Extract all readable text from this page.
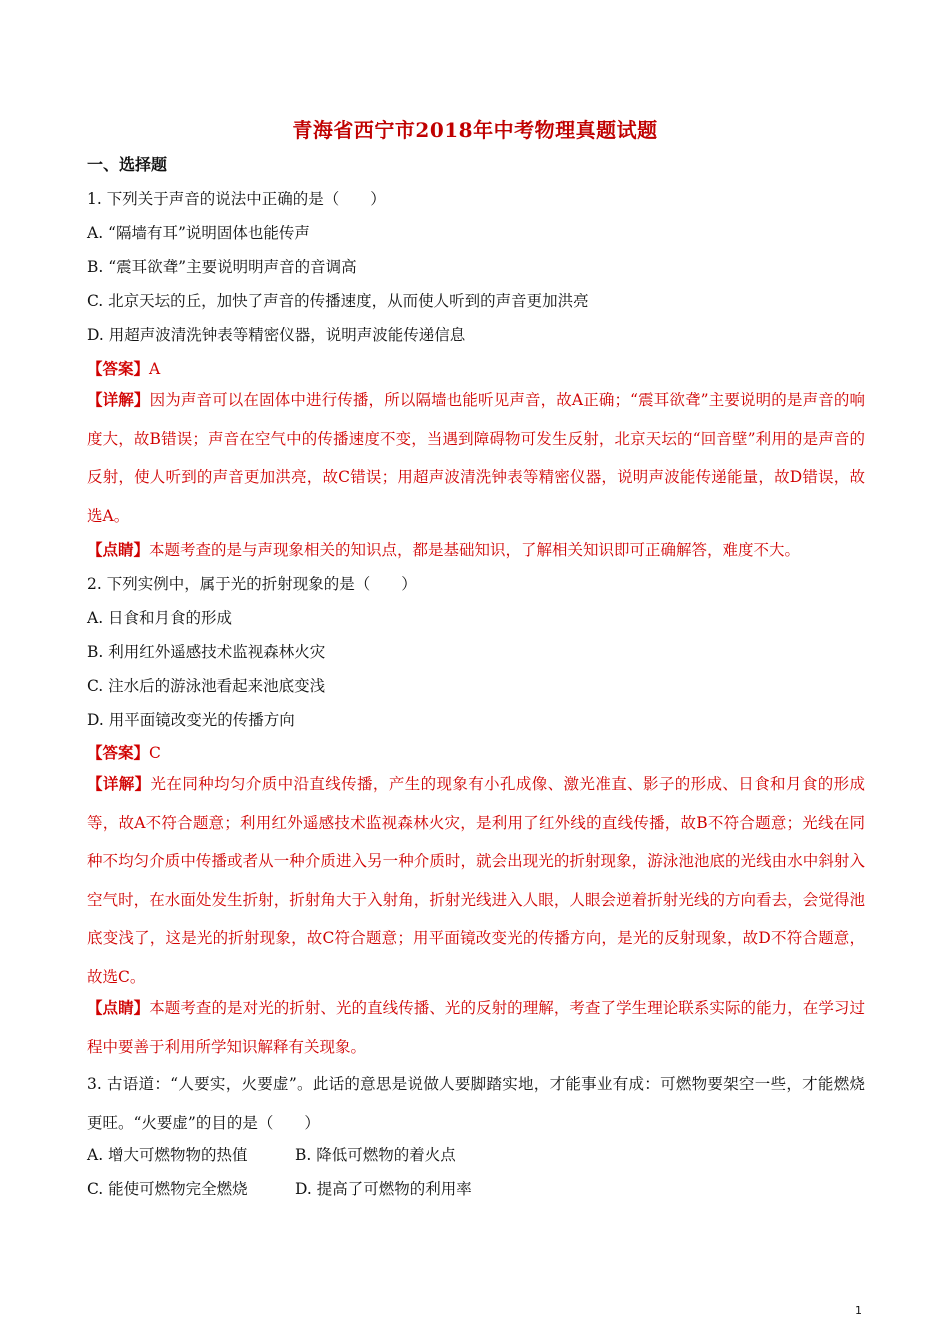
青海省西宁市2018年中考物理真题试题
一、选择题
1. 下列关于声音的说法中正确的是（　　）
A. “隔墙有耳”说明固体也能传声
B. “震耳欲聋”主要说明明声音的音调高
C. 北京天坛的丘，加快了声音的传播速度，从而使人听到的声音更加洪亮
D. 用超声波清洗钟表等精密仪器，说明声波能传递信息
【答案】A
【详解】因为声音可以在固体中进行传播，所以隔墙也能听见声音，故A正确；“震耳欲聋”主要说明的是声音的响度大，故B错误；声音在空气中的传播速度不变，当遇到障碍物可发生反射，北京天坛的“回音壁”利用的是声音的反射，使人听到的声音更加洪亮，故C错误；用超声波清洗钟表等精密仪器，说明声波能传递能量，故D错误，故选A。
【点睛】本题考查的是与声现象相关的知识点，都是基础知识，了解相关知识即可正确解答，难度不大。
2. 下列实例中，属于光的折射现象的是（　　）
A. 日食和月食的形成
B. 利用红外遥感技术监视森林火灾
C. 注水后的游泳池看起来池底变浅
D. 用平面镜改变光的传播方向
【答案】C
【详解】光在同种均匀介质中沿直线传播，产生的现象有小孔成像、激光准直、影子的形成、日食和月食的形成等，故A不符合题意；利用红外遥感技术监视森林火灾，是利用了红外线的直线传播，故B不符合题意；光线在同种不均匀介质中传播或者从一种介质进入另一种介质时，就会出现光的折射现象，游泳池池底的光线由水中斜射入空气时，在水面处发生折射，折射角大于入射角，折射光线进入人眼，人眼会逆着折射光线的方向看去，会觉得池底变浅了，这是光的折射现象，故C符合题意；用平面镜改变光的传播方向，是光的反射现象，故D不符合题意，故选C。
【点睛】本题考查的是对光的折射、光的直线传播、光的反射的理解，考查了学生理论联系实际的能力，在学习过程中要善于利用所学知识解释有关现象。
3. 古语道：“人要实，火要虚”。此话的意思是说做人要脚踏实地，才能事业有成：可燃物要架空一些，才能燃烧更旺。“火要虚”的目的是（　　）
A. 增大可燃物物的热值	B. 降低可燃物的着火点
C. 能使可燃物完全燃烧	D. 提高了可燃物的利用率
1
